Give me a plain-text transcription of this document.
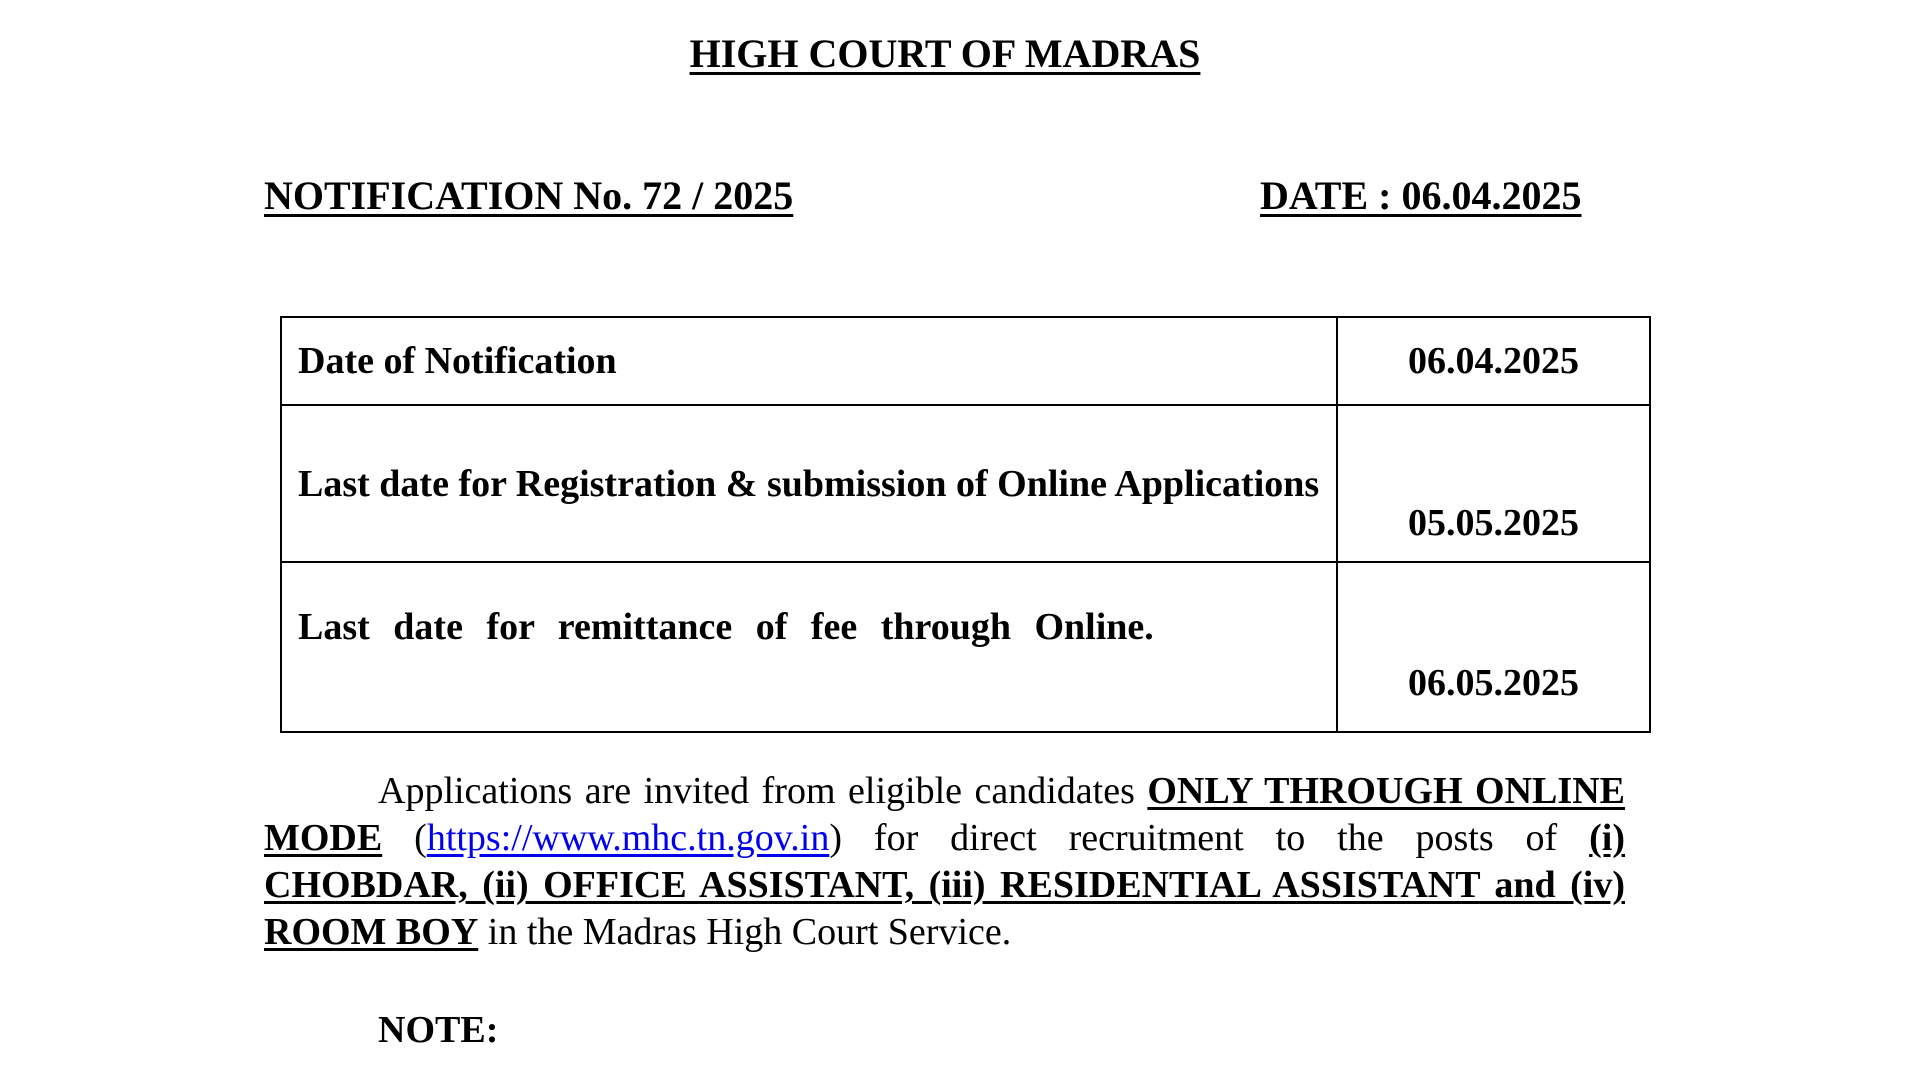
HIGH COURT OF MADRAS
NOTIFICATION No. 72 / 2025	DATE : 06.04.2025
Date of Notification	06.04.2025
Last date for Registration & submission of Online Applications	05.05.2025
Last date for remittance of fee through Online.	06.05.2025
Applications are invited from eligible candidates ONLY THROUGH ONLINE MODE (https://www.mhc.tn.gov.in) for direct recruitment to the posts of (i) CHOBDAR, (ii) OFFICE ASSISTANT, (iii) RESIDENTIAL ASSISTANT and (iv) ROOM BOY in the Madras High Court Service.
NOTE:
